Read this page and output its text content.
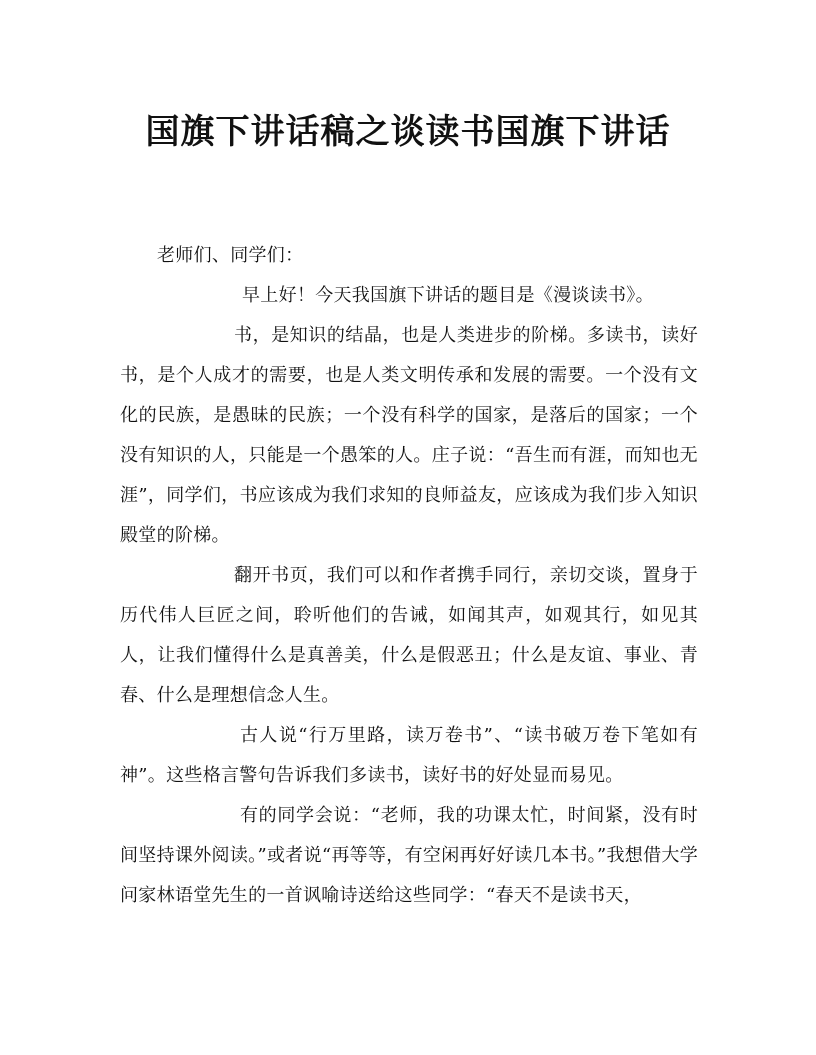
国旗下讲话稿之谈读书国旗下讲话

老师们、同学们：

早上好！今天我国旗下讲话的题目是《漫谈读书》。

书，是知识的结晶，也是人类进步的阶梯。多读书，读好书，是个人成才的需要，也是人类文明传承和发展的需要。一个没有文化的民族，是愚昧的民族；一个没有科学的国家，是落后的国家；一个没有知识的人，只能是一个愚笨的人。庄子说：“吾生而有涯，而知也无涯”，同学们，书应该成为我们求知的良师益友，应该成为我们步入知识殿堂的阶梯。

翻开书页，我们可以和作者携手同行，亲切交谈，置身于历代伟人巨匠之间，聆听他们的告诫，如闻其声，如观其行，如见其人，让我们懂得什么是真善美，什么是假恶丑；什么是友谊、事业、青春、什么是理想信念人生。

古人说“行万里路，读万卷书”、“读书破万卷下笔如有神”。这些格言警句告诉我们多读书，读好书的好处显而易见。

有的同学会说：“老师，我的功课太忙，时间紧，没有时间坚持课外阅读。”或者说“再等等，有空闲再好好读几本书。”我想借大学问家林语堂先生的一首讽喻诗送给这些同学：“春天不是读书天，
